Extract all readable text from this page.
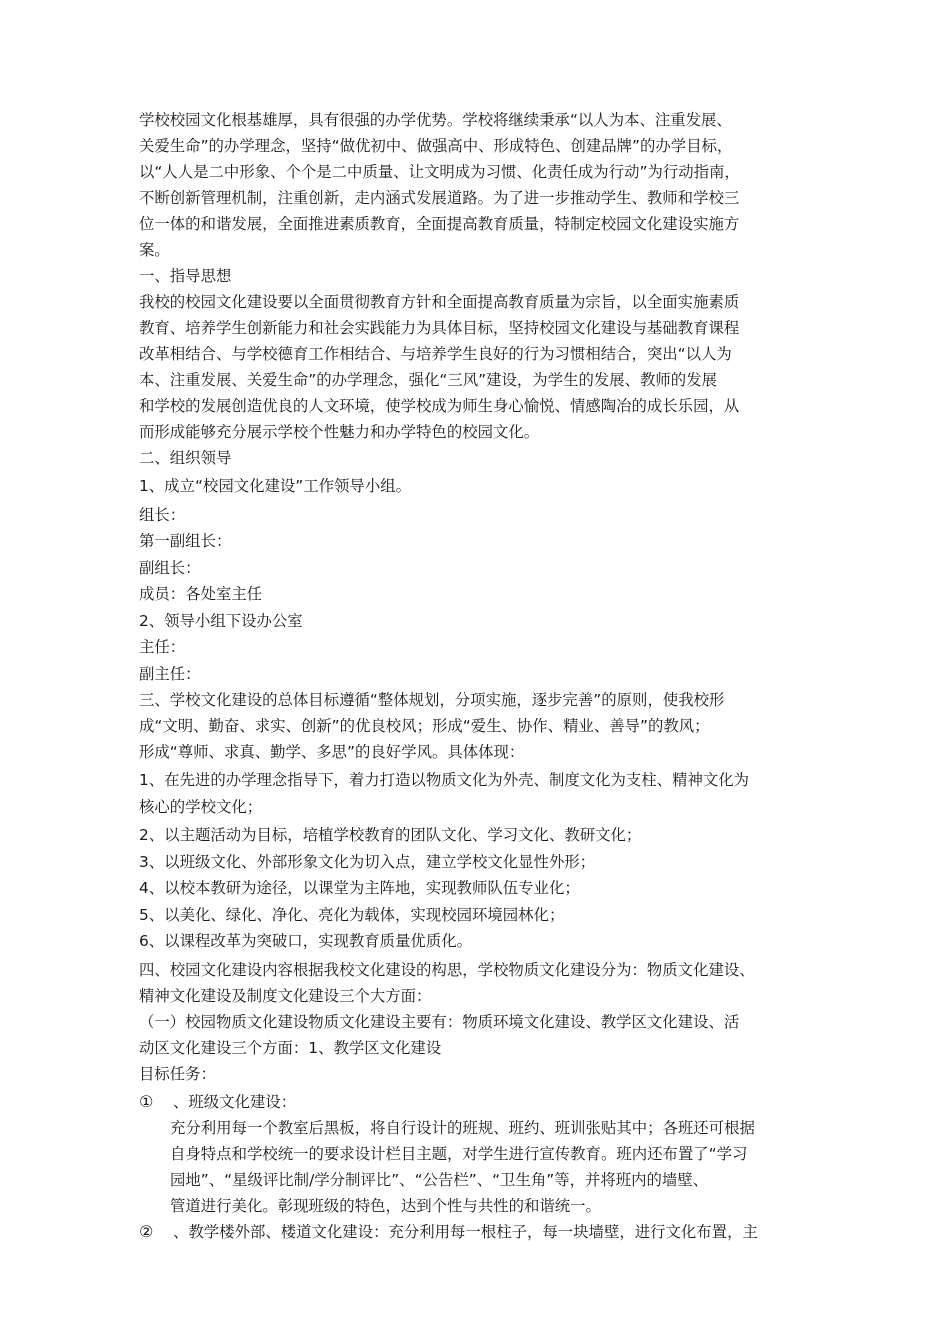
学校校园文化根基雄厚，具有很强的办学优势。学校将继续秉承“以人为本、注重发展、

关爱生命”的办学理念，坚持“做优初中、做强高中、形成特色、创建品牌”的办学目标，

以“人人是二中形象、个个是二中质量、让文明成为习惯、化责任成为行动”为行动指南，

不断创新管理机制，注重创新，走内涵式发展道路。为了进一步推动学生、教师和学校三

位一体的和谐发展，全面推进素质教育，全面提高教育质量，特制定校园文化建设实施方

案。

一、指导思想

我校的校园文化建设要以全面贯彻教育方针和全面提高教育质量为宗旨，以全面实施素质

教育、培养学生创新能力和社会实践能力为具体目标，坚持校园文化建设与基础教育课程

改革相结合、与学校德育工作相结合、与培养学生良好的行为习惯相结合，突出“以人为

本、注重发展、关爱生命”的办学理念，强化“三风”建设，为学生的发展、教师的发展

和学校的发展创造优良的人文环境，使学校成为师生身心愉悦、情感陶冶的成长乐园，从

而形成能够充分展示学校个性魅力和办学特色的校园文化。

二、组织领导

1、成立“校园文化建设”工作领导小组。

组长：

第一副组长：

副组长：

成员：各处室主任

2、领导小组下设办公室

主任：

副主任：

三、学校文化建设的总体目标遵循“整体规划，分项实施，逐步完善”的原则，使我校形

成“文明、勤奋、求实、创新”的优良校风；形成“爱生、协作、精业、善导”的教风；

形成“尊师、求真、勤学、多思”的良好学风。具体体现：

1、在先进的办学理念指导下，着力打造以物质文化为外壳、制度文化为支柱、精神文化为

核心的学校文化；

2、以主题活动为目标，培植学校教育的团队文化、学习文化、教研文化；

3、以班级文化、外部形象文化为切入点，建立学校文化显性外形；

4、以校本教研为途径，以课堂为主阵地，实现教师队伍专业化；

5、以美化、绿化、净化、亮化为载体，实现校园环境园林化；

6、以课程改革为突破口，实现教育质量优质化。

四、校园文化建设内容根据我校文化建设的构思，学校物质文化建设分为：物质文化建设、

精神文化建设及制度文化建设三个大方面：

（一）校园物质文化建设物质文化建设主要有：物质环境文化建设、教学区文化建设、活

动区文化建设三个方面：1、教学区文化建设

目标任务：

①	、班级文化建设：

充分利用每一个教室后黑板，将自行设计的班规、班约、班训张贴其中；各班还可根据

自身特点和学校统一的要求设计栏目主题，对学生进行宣传教育。班内还布置了“学习

园地”、“星级评比制/学分制评比”、“公告栏”、“卫生角”等，并将班内的墙壁、

管道进行美化。彰现班级的特色，达到个性与共性的和谐统一。

②	、教学楼外部、楼道文化建设：充分利用每一根柱子，每一块墙壁，进行文化布置，主
